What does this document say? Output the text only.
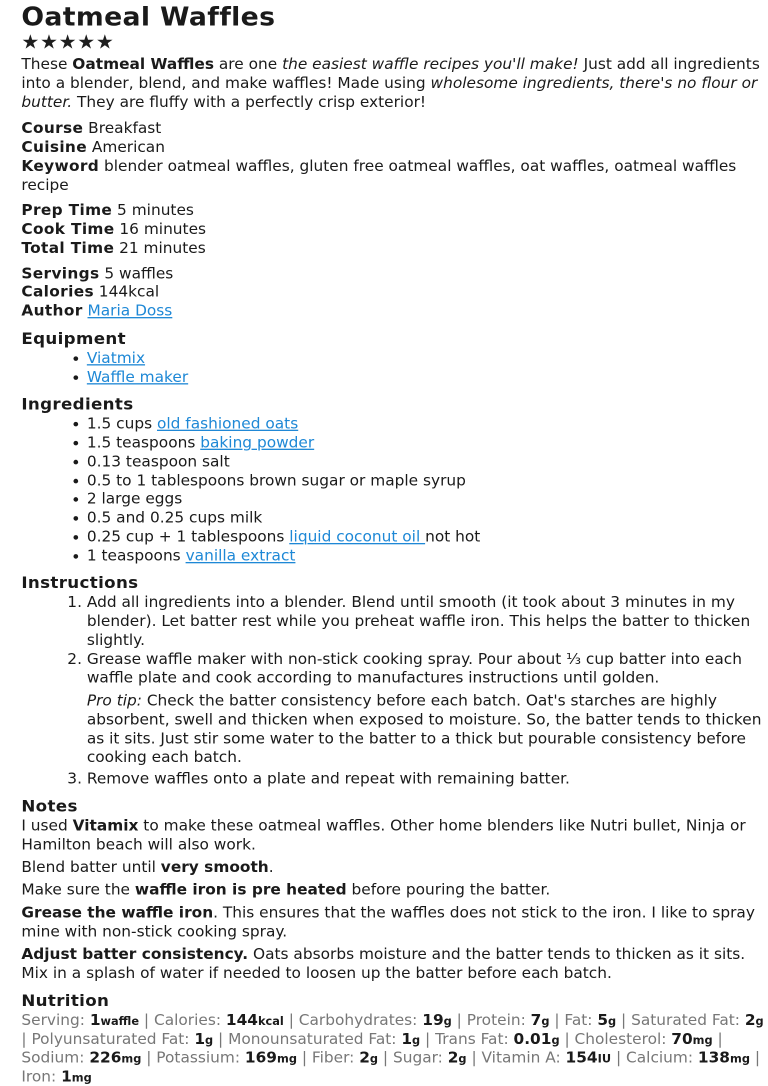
Oatmeal Waffles
★★★★★

These Oatmeal Waffles are one the easiest waffle recipes you'll make! Just add all ingredients into a blender, blend, and make waffles! Made using wholesome ingredients, there's no flour or butter. They are fluffy with a perfectly crisp exterior!

Course Breakfast

Cuisine American

Keyword blender oatmeal waffles, gluten free oatmeal waffles, oat waffles, oatmeal waffles recipe

Prep Time 5 minutes

Cook Time 16 minutes

Total Time 21 minutes

Servings 5 waffles

Calories 144kcal

Author Maria Doss

Equipment
• Viatmix
• Waffle maker
Ingredients
• 1.5 cups old fashioned oats
• 1.5 teaspoons baking powder
• 0.13 teaspoon salt
• 0.5 to 1 tablespoons brown sugar or maple syrup
• 2 large eggs
• 0.5 and 0.25 cups milk
• 0.25 cup + 1 tablespoons liquid coconut oil not hot
• 1 teaspoons vanilla extract
Instructions
1. Add all ingredients into a blender. Blend until smooth (it took about 3 minutes in my blender). Let batter rest while you preheat waffle iron. This helps the batter to thicken slightly.
2. Grease waffle maker with non-stick cooking spray. Pour about ⅓ cup batter into each waffle plate and cook according to manufactures instructions until golden.
Pro tip: Check the batter consistency before each batch. Oat's starches are highly absorbent, swell and thicken when exposed to moisture. So, the batter tends to thicken as it sits. Just stir some water to the batter to a thick but pourable consistency before cooking each batch.
3. Remove waffles onto a plate and repeat with remaining batter.
Notes

I used Vitamix to make these oatmeal waffles. Other home blenders like Nutri bullet, Ninja or Hamilton beach will also work.

Blend batter until very smooth.

Make sure the waffle iron is pre heated before pouring the batter.

Grease the waffle iron. This ensures that the waffles does not stick to the iron. I like to spray mine with non-stick cooking spray.

Adjust batter consistency. Oats absorbs moisture and the batter tends to thicken as it sits. Mix in a splash of water if needed to loosen up the batter before each batch.

Nutrition
Serving: 1waffle | Calories: 144kcal | Carbohydrates: 19g | Protein: 7g | Fat: 5g | Saturated Fat: 2g | Polyunsaturated Fat: 1g | Monounsaturated Fat: 1g | Trans Fat: 0.01g | Cholesterol: 70mg | Sodium: 226mg | Potassium: 169mg | Fiber: 2g | Sugar: 2g | Vitamin A: 154IU | Calcium: 138mg | Iron: 1mg
